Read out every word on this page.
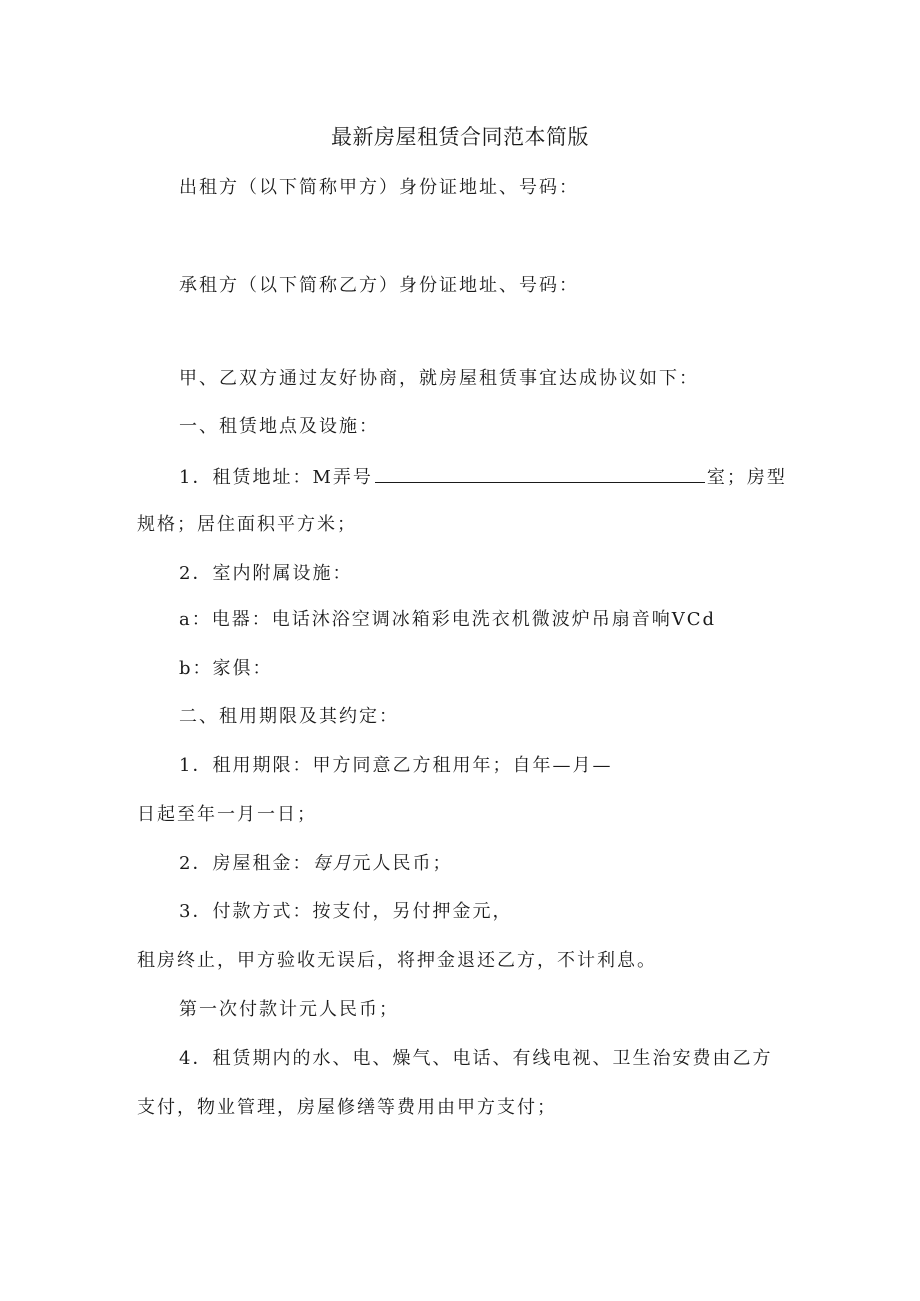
最新房屋租赁合同范本简版
出租方（以下简称甲方）身份证地址、号码：
承租方（以下简称乙方）身份证地址、号码：
甲、乙双方通过友好协商，就房屋租赁事宜达成协议如下：
一、租赁地点及设施：
1．租赁地址：M弄号	室；房型
规格；居住面积平方米；
2．室内附属设施：
a：电器：电话沐浴空调冰箱彩电洗衣机微波炉吊扇音响VCd
b：家俱：
二、租用期限及其约定：
1．租用期限：甲方同意乙方租用年；自年—月—
日起至年一月一日；
2．房屋租金：每月元人民币；
3．付款方式：按支付，另付押金元，
租房终止，甲方验收无误后，将押金退还乙方，不计利息。
第一次付款计元人民币；
4．租赁期内的水、电、燥气、电话、有线电视、卫生治安费由乙方
支付，物业管理，房屋修缮等费用由甲方支付；
